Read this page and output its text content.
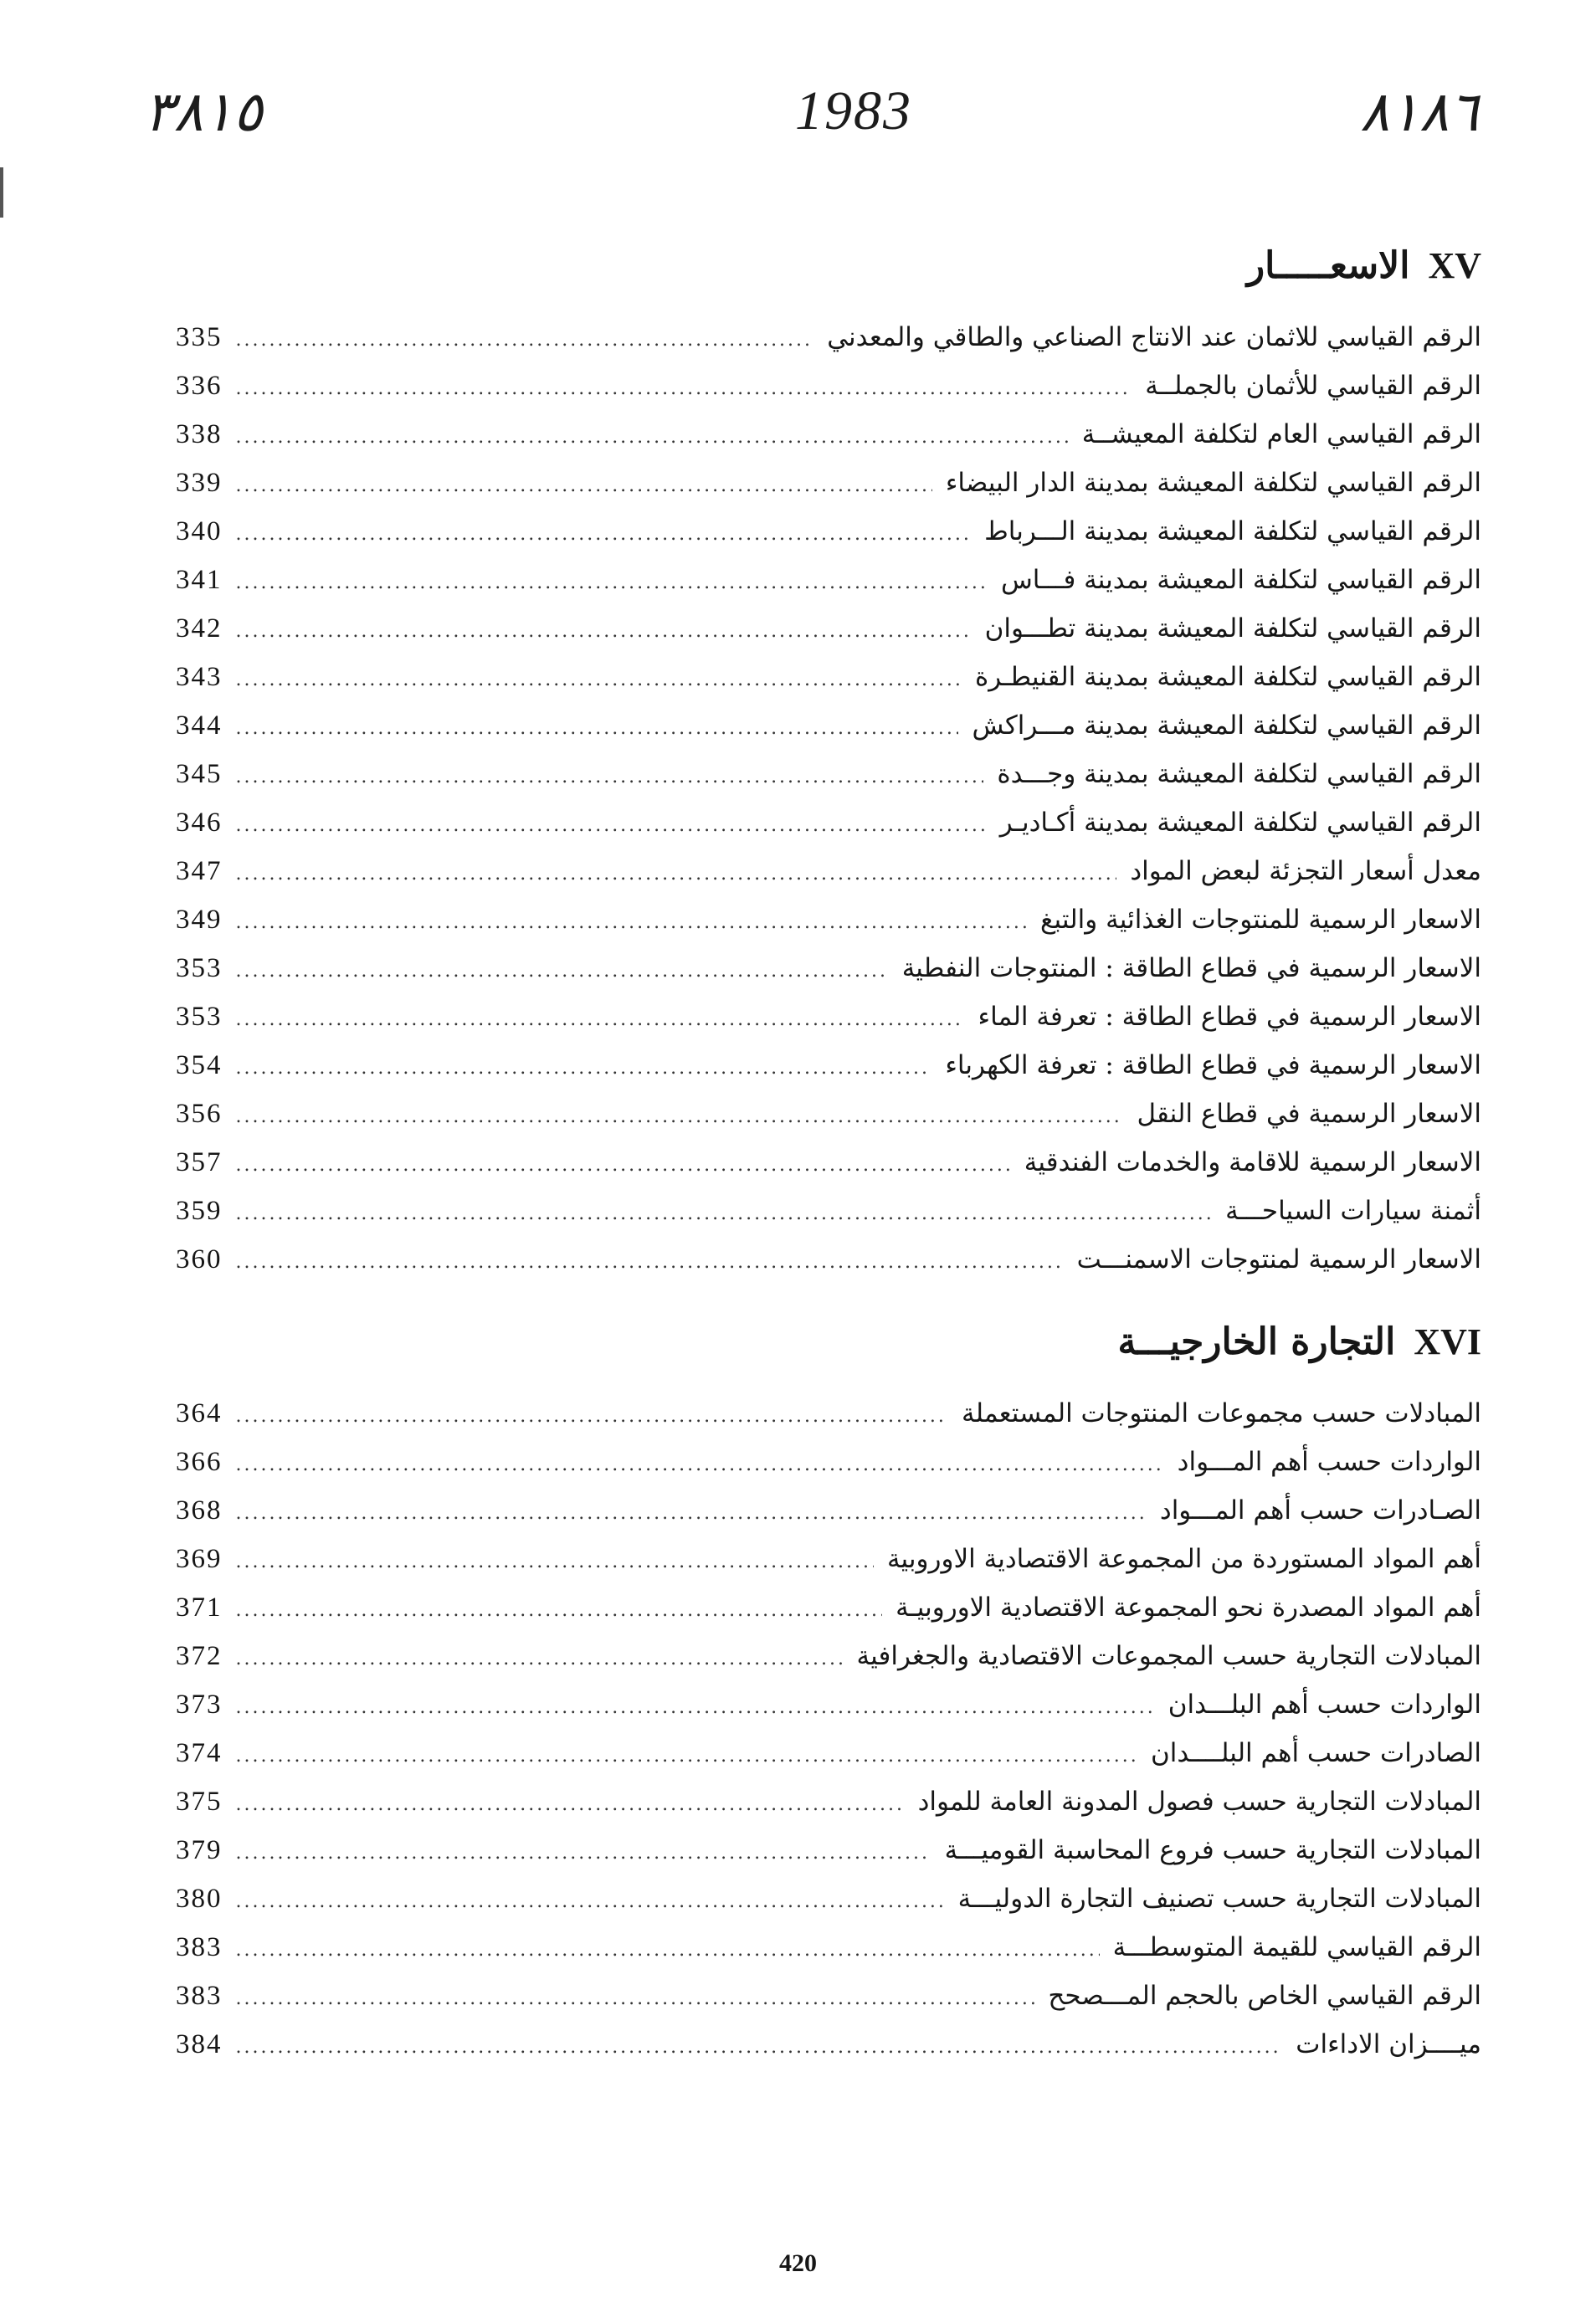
٣٨١٥	1983	٨١٨٦
XVالاسعـــــار
الرقم القياسي للاثمان عند الانتاج الصناعي والطاقي والمعدني
.....
335
الرقم القياسي للأثمان بالجملــة
.....
336
الرقم القياسي العام لتكلفة المعيشــة
.....
338
الرقم القياسي لتكلفة المعيشة بمدينة الدار البيضاء
.....
339
الرقم القياسي لتكلفة المعيشة بمدينة الـــرباط
.....
340
الرقم القياسي لتكلفة المعيشة بمدينة فـــاس
.....
341
الرقم القياسي لتكلفة المعيشة بمدينة تطـــوان
.....
342
الرقم القياسي لتكلفة المعيشة بمدينة القنيطـرة
.....
343
الرقم القياسي لتكلفة المعيشة بمدينة مـــراكش
.....
344
الرقم القياسي لتكلفة المعيشة بمدينة وجـــدة
.....
345
الرقم القياسي لتكلفة المعيشة بمدينة أكـاديـر
.....
346
معدل أسعار التجزئة لبعض المواد
.....
347
الاسعار الرسمية للمنتوجات الغذائية والتبغ
.....
349
الاسعار الرسمية في قطاع الطاقة : المنتوجات النفطية
.....
353
الاسعار الرسمية في قطاع الطاقة : تعرفة الماء
.....
353
الاسعار الرسمية في قطاع الطاقة : تعرفة الكهرباء
.....
354
الاسعار الرسمية في قطاع النقل
.....
356
الاسعار الرسمية للاقامة والخدمات الفندقية
.....
357
أثمنة سيارات السياحـــة
.....
359
الاسعار الرسمية لمنتوجات الاسمنـــت
.....
360
XVIالتجارة الخارجيـــة
المبادلات حسب مجموعات المنتوجات المستعملة
.....
364
الواردات حسب أهم المـــواد
.....
366
الصـادرات حسب أهم المـــواد
.....
368
أهم المواد المستوردة من المجموعة الاقتصادية الاوروبية
.....
369
أهم المواد المصدرة نحو المجموعة الاقتصادية الاوروبيـة
.....
371
المبادلات التجارية حسب المجموعات الاقتصادية والجغرافية
.....
372
الواردات حسب أهم البلـــدان
.....
373
الصادرات حسب أهم البلــــدان
.....
374
المبادلات التجارية حسب فصول المدونة العامة للمواد
.....
375
المبادلات التجارية حسب فروع المحاسبة القوميـــة
.....
379
المبادلات التجارية حسب تصنيف التجارة الدوليـــة
.....
380
الرقم القياسي للقيمة المتوسطـــة
.....
383
الرقم القياسي الخاص بالحجم المـــصحح
.....
383
ميــــزان الاداءات
.....
384
420
